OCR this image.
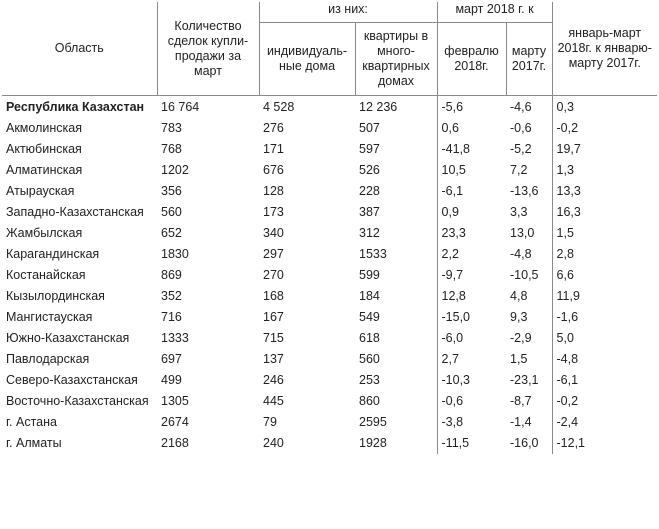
Область	Количество сделок купли-продажи за март	из них:		март 2018 г. к		январь-март 2018г. к январю-марту 2017г.
		индивидуаль-ные дома	квартиры в много-квартирных домах	февралю 2018г.	марту 2017г.	
Республика Казахстан	16 764	4 528	12 236	-5,6	-4,6	0,3
Акмолинская	783	276	507	0,6	-0,6	-0,2
Актюбинская	768	171	597	-41,8	-5,2	19,7
Алматинская	1202	676	526	10,5	7,2	1,3
Атырауская	356	128	228	-6,1	-13,6	13,3
Западно-Казахстанская	560	173	387	0,9	3,3	16,3
Жамбылская	652	340	312	23,3	13,0	1,5
Карагандинская	1830	297	1533	2,2	-4,8	2,8
Костанайская	869	270	599	-9,7	-10,5	6,6
Кызылординская	352	168	184	12,8	4,8	11,9
Мангистауская	716	167	549	-15,0	9,3	-1,6
Южно-Казахстанская	1333	715	618	-6,0	-2,9	5,0
Павлодарская	697	137	560	2,7	1,5	-4,8
Северо-Казахстанская	499	246	253	-10,3	-23,1	-6,1
Восточно-Казахстанская	1305	445	860	-0,6	-8,7	-0,2
г. Астана	2674	79	2595	-3,8	-1,4	-2,4
г. Алматы	2168	240	1928	-11,5	-16,0	-12,1
